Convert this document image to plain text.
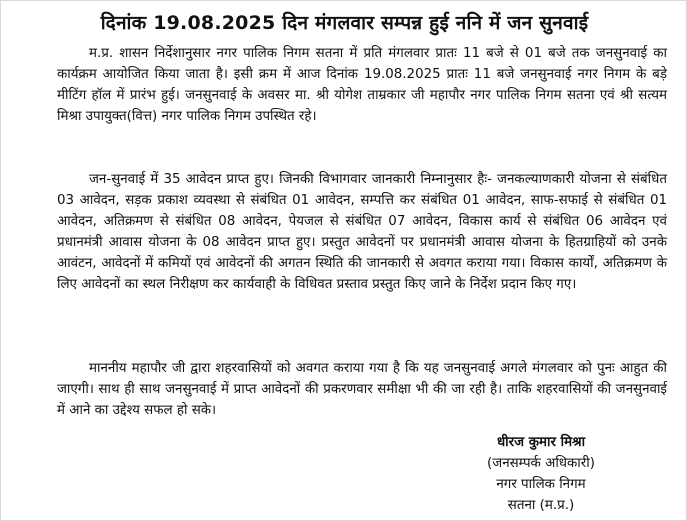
दिनांक 19.08.2025 दिन मंगलवार सम्पन्न हुई ननि में जन सुनवाई

म.प्र. शासन निर्देशानुसार नगर पालिक निगम सतना में प्रति मंगलवार प्रातः 11 बजे से 01 बजे तक जनसुनवाई का कार्यक्रम आयोजित किया जाता है। इसी क्रम में आज दिनांक 19.08.2025 प्रातः 11 बजे जनसुनवाई नगर निगम के बड़े मीटिंग हॉल में प्रारंभ हुई। जनसुनवाई के अवसर मा. श्री योगेश ताम्रकार जी महापौर नगर पालिक निगम सतना एवं श्री सत्यम मिश्रा उपायुक्त(वित्त) नगर पालिक निगम उपस्थित रहे।

जन-सुनवाई में 35 आवेदन प्राप्त हुए। जिनकी विभागवार जानकारी निम्नानुसार हैः- जनकल्याणकारी योजना से संबंधित 03 आवेदन, सड़क प्रकाश व्यवस्था से संबंधित 01 आवेदन, सम्पत्ति कर संबंधित 01 आवेदन, साफ-सफाई से संबंधित 01 आवेदन, अतिक्रमण से संबंधित 08 आवेदन, पेयजल से संबंधित 07 आवेदन, विकास कार्य से संबंधित 06 आवेदन एवं प्रधानमंत्री आवास योजना के 08 आवेदन प्राप्त हुए। प्रस्तुत आवेदनों पर प्रधानमंत्री आवास योजना के हितग्राहियों को उनके आवंटन, आवेदनों में कमियों एवं आवेदनों की अगतन स्थिति की जानकारी से अवगत कराया गया। विकास कार्यों, अतिक्रमण के लिए आवेदनों का स्थल निरीक्षण कर कार्यवाही के विधिवत प्रस्ताव प्रस्तुत किए जाने के निर्देश प्रदान किए गए।

माननीय महापौर जी द्वारा शहरवासियों को अवगत कराया गया है कि यह जनसुनवाई अगले मंगलवार को पुनः आहुत की जाएगी। साथ ही साथ जनसुनवाई में प्राप्त आवेदनों की प्रकरणवार समीक्षा भी की जा रही है। ताकि शहरवासियों की जनसुनवाई में आने का उद्देश्य सफल हो सके।

धीरज कुमार मिश्रा
(जनसम्पर्क अधिकारी)
नगर पालिक निगम
सतना (म.प्र.)
